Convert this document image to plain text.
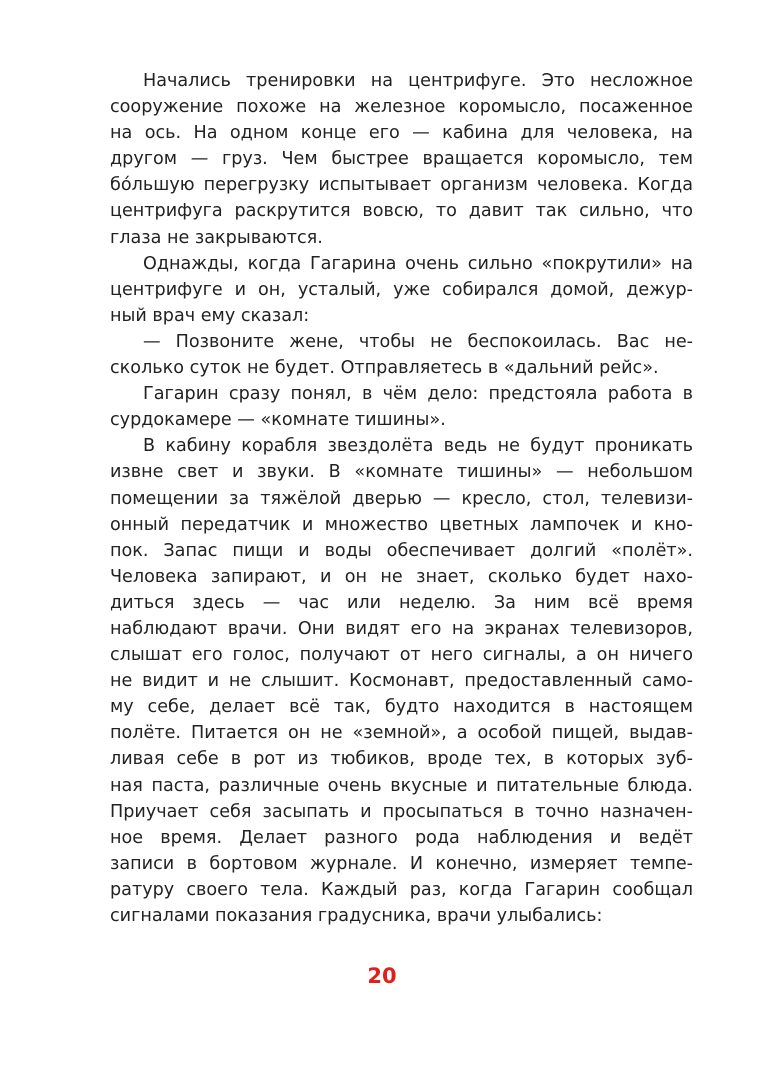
Начались тренировки на центрифуге. Это несложное

сооружение похоже на железное коромысло, посаженное

на ось. На одном конце его — кабина для человека, на

другом — груз. Чем быстрее вращается коромысло, тем

бóльшую перегрузку испытывает организм человека. Когда

центрифуга раскрутится вовсю, то давит так сильно, что

глаза не закрываются.

Однажды, когда Гагарина очень сильно «покрутили» на

центрифуге и он, усталый, уже собирался домой, дежур-

ный врач ему сказал:

— Позвоните жене, чтобы не беспокоилась. Вас не-

сколько суток не будет. Отправляетесь в «дальний рейс».

Гагарин сразу понял, в чём дело: предстояла работа в

сурдокамере — «комнате тишины».

В кабину корабля звездолёта ведь не будут проникать

извне свет и звуки. В «комнате тишины» — небольшом

помещении за тяжёлой дверью — кресло, стол, телевизи-

онный передатчик и множество цветных лампочек и кно-

пок. Запас пищи и воды обеспечивает долгий «полёт».

Человека запирают, и он не знает, сколько будет нахо-

диться здесь — час или неделю. За ним всё время

наблюдают врачи. Они видят его на экранах телевизоров,

слышат его голос, получают от него сигналы, а он ничего

не видит и не слышит. Космонавт, предоставленный само-

му себе, делает всё так, будто находится в настоящем

полёте. Питается он не «земной», а особой пищей, выдав-

ливая себе в рот из тюбиков, вроде тех, в которых зуб-

ная паста, различные очень вкусные и питательные блюда.

Приучает себя засыпать и просыпаться в точно назначен-

ное время. Делает разного рода наблюдения и ведёт

записи в бортовом журнале. И конечно, измеряет темпе-

ратуру своего тела. Каждый раз, когда Гагарин сообщал

сигналами показания градусника, врачи улыбались:

20
